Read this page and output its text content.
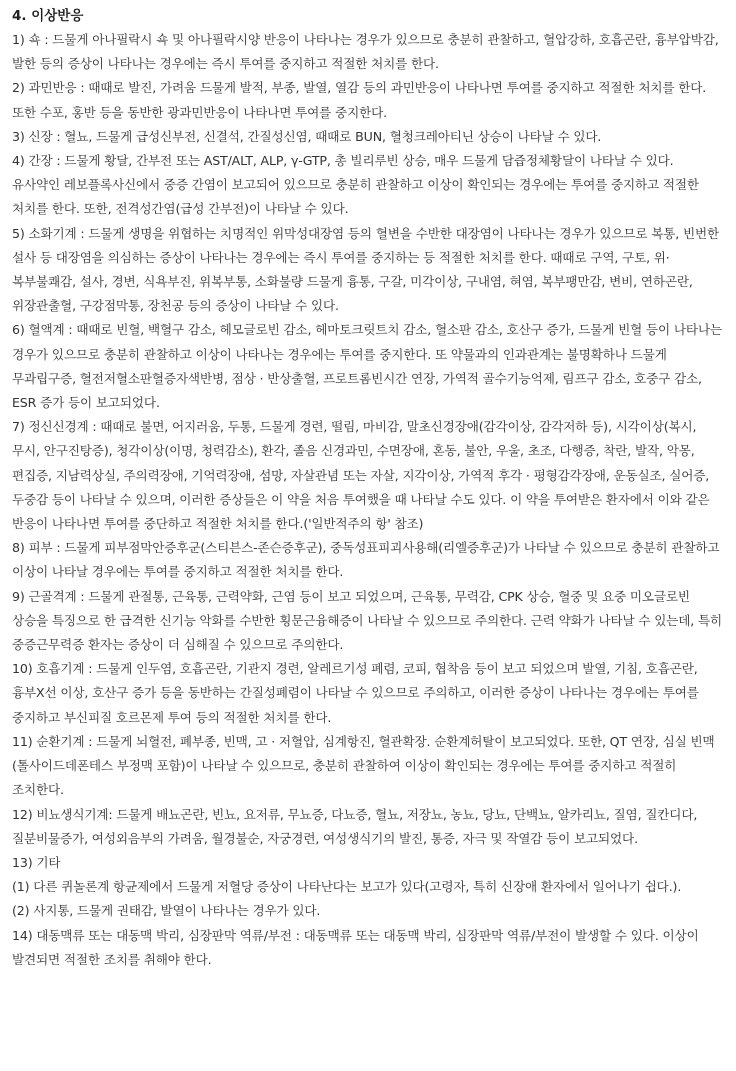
4. 이상반응

1) 쇽 : 드물게 아나필락시 쇽 및 아나필락시양 반응이 나타나는 경우가 있으므로 충분히 관찰하고, 혈압강하, 호흡곤란, 흉부압박감, 발한 등의 증상이 나타나는 경우에는 즉시 투여를 중지하고 적절한 처치를 한다.

2) 과민반응 : 때때로 발진, 가려움 드물게 발적, 부종, 발열, 열감 등의 과민반응이 나타나면 투여를 중지하고 적절한 처치를 한다. 또한 수포, 홍반 등을 동반한 광과민반응이 나타나면 투여를 중지한다.

3) 신장 : 혈뇨, 드물게 급성신부전, 신결석, 간질성신염, 때때로 BUN, 혈청크레아티닌 상승이 나타날 수 있다.

4) 간장 : 드물게 황달, 간부전 또는 AST/ALT, ALP, γ-GTP, 총 빌리루빈 상승, 매우 드물게 담즙정체황달이 나타날 수 있다. 유사약인 레보플록사신에서 중증 간염이 보고되어 있으므로 충분히 관찰하고 이상이 확인되는 경우에는 투여를 중지하고 적절한 처치를 한다. 또한, 전격성간염(급성 간부전)이 나타날 수 있다.

5) 소화기계 : 드물게 생명을 위협하는 치명적인 위막성대장염 등의 혈변을 수반한 대장염이 나타나는 경우가 있으므로 복통, 빈번한 설사 등 대장염을 의심하는 증상이 나타나는 경우에는 즉시 투여를 중지하는 등 적절한 처치를 한다. 때때로 구역, 구토, 위·복부불쾌감, 설사, 경변, 식욕부진, 위복부통, 소화불량 드물게 흉통, 구갈, 미각이상, 구내염, 혀염, 복부팽만감, 변비, 연하곤란, 위장관출혈, 구강점막통, 장천공 등의 증상이 나타날 수 있다.

6) 혈액계 : 때때로 빈혈, 백혈구 감소, 헤모글로빈 감소, 헤마토크릿트치 감소, 혈소판 감소, 호산구 증가, 드물게 빈혈 등이 나타나는 경우가 있으므로 충분히 관찰하고 이상이 나타나는 경우에는 투여를 중지한다. 또 약물과의 인과관계는 불명확하나 드물게 무과립구증, 혈전저혈소판혈증자색반병, 점상 · 반상출혈, 프로트롬빈시간 연장, 가역적 골수기능억제, 림프구 감소, 호중구 감소, ESR 증가 등이 보고되었다.

7) 정신신경계 : 때때로 불면, 어지러움, 두통, 드물게 경련, 떨림, 마비감, 말초신경장애(감각이상, 감각저하 등), 시각이상(복시, 무시, 안구진탕증), 청각이상(이명, 청력감소), 환각, 졸음 신경과민, 수면장애, 혼동, 불안, 우울, 초조, 다행증, 착란, 발작, 악몽, 편집증, 지남력상실, 주의력장애, 기억력장애, 섬망, 자살관념 또는 자살, 지각이상, 가역적 후각 · 평형감각장애, 운동실조, 실어증, 두중감 등이 나타날 수 있으며, 이러한 증상들은 이 약을 처음 투여했을 때 나타날 수도 있다. 이 약을 투여받은 환자에서 이와 같은 반응이 나타나면 투여를 중단하고 적절한 처치를 한다.('일반적주의 항' 참조)

8) 피부 : 드물게 피부점막안증후군(스티븐스-존슨증후군), 중독성표피괴사용해(리엘증후군)가 나타날 수 있으므로 충분히 관찰하고 이상이 나타날 경우에는 투여를 중지하고 적절한 처치를 한다.

9) 근골격계 : 드물게 관절통, 근육통, 근력약화, 근염 등이 보고 되었으며, 근육통, 무력감, CPK 상승, 혈중 및 요중 미오글로빈 상승을 특징으로 한 급격한 신기능 악화를 수반한 횡문근융해증이 나타날 수 있으므로 주의한다. 근력 약화가 나타날 수 있는데, 특히 중증근무력증 환자는 증상이 더 심해질 수 있으므로 주의한다.

10) 호흡기계 : 드물게 인두염, 호흡곤란, 기관지 경련, 알레르기성 폐렴, 코피, 협착음 등이 보고 되었으며 발열, 기침, 호흡곤란, 흉부X선 이상, 호산구 증가 등을 동반하는 간질성폐렴이 나타날 수 있으므로 주의하고, 이러한 증상이 나타나는 경우에는 투여를 중지하고 부신피질 호르몬제 투여 등의 적절한 처치를 한다.

11) 순환기계 : 드물게 뇌혈전, 폐부종, 빈맥, 고 · 저혈압, 심계항진, 혈관확장. 순환계허탈이 보고되었다. 또한, QT 연장, 심실 빈맥(톨사이드데폰테스 부정맥 포함)이 나타날 수 있으므로, 충분히 관찰하여 이상이 확인되는 경우에는 투여를 중지하고 적절히 조치한다.

12) 비뇨생식기계: 드물게 배뇨곤란, 빈뇨, 요저류, 무뇨증, 다뇨증, 혈뇨, 저장뇨, 농뇨, 당뇨, 단백뇨, 알카리뇨, 질염, 질칸디다, 질분비물증가, 여성외음부의 가려움, 월경불순, 자궁경련, 여성생식기의 발진, 통증, 자극 및 작열감 등이 보고되었다.

13) 기타

(1) 다른 퀴놀론계 항균제에서 드물게 저혈당 증상이 나타난다는 보고가 있다(고령자, 특히 신장애 환자에서 일어나기 쉽다.).

(2) 사지통, 드물게 권태감, 발열이 나타나는 경우가 있다.

14) 대동맥류 또는 대동맥 박리, 심장판막 역류/부전 : 대동맥류 또는 대동맥 박리, 심장판막 역류/부전이 발생할 수 있다. 이상이 발견되면 적절한 조치를 취해야 한다.
